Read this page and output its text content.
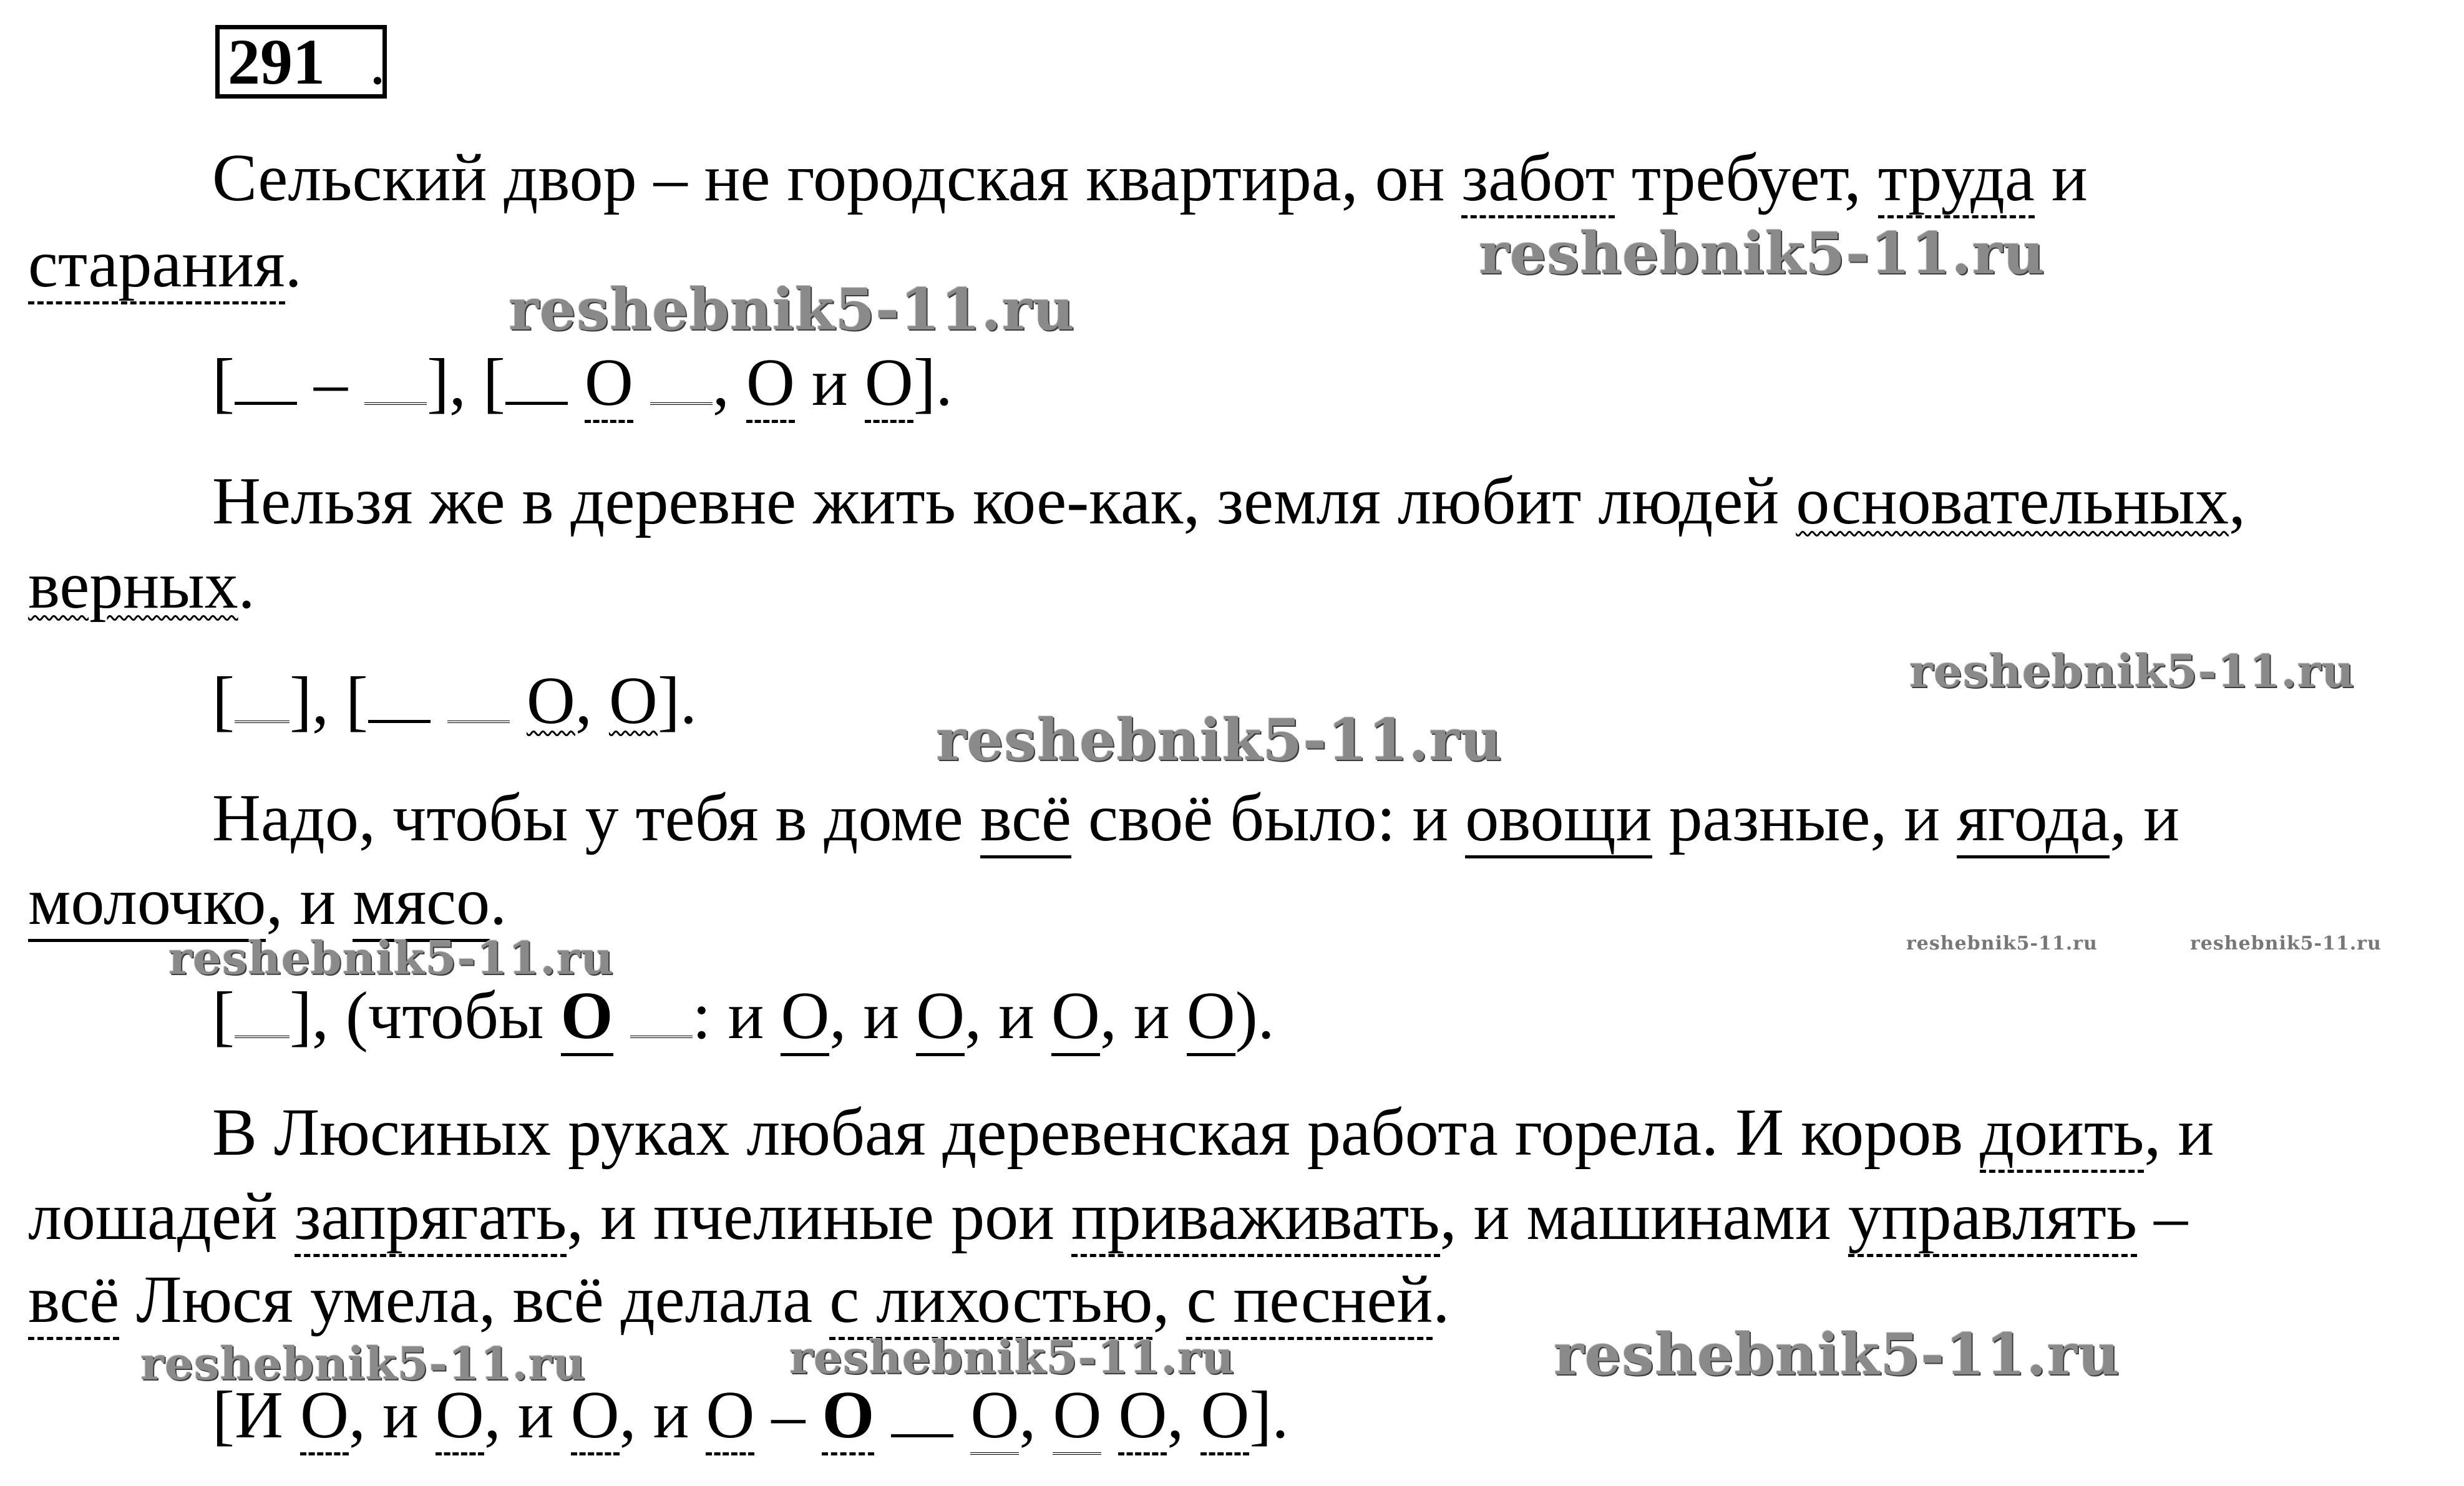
291 .
Сельский двор – не городская квартира, он забот требует, труда и
старания.
[ – ], [ O , O и O].
Нельзя же в деревне жить кое-как, земля любит людей основательных,
верных.
[ ], [ O, O].
Надо, чтобы у тебя в доме всё своё было: и овощи разные, и ягода, и
молочко, и мясо.
[ ], (чтобы O : и O, и O, и O, и O).
В Люсиных руках любая деревенская работа горела. И коров доить, и
лошадей запрягать, и пчелиные рои приваживать, и машинами управлять –
всё Люся умела, всё делала с лихостью, с песней.
[И O, и O, и O, и O – O O, O O, O].
reshebnik5-11.ru
reshebnik5-11.ru
reshebnik5-11.ru
reshebnik5-11.ru
reshebnik5-11.ru	reshebnik5-11.ru	reshebnik5-11.ru
reshebnik5-11.ru	reshebnik5-11.ru	reshebnik5-11.ru
